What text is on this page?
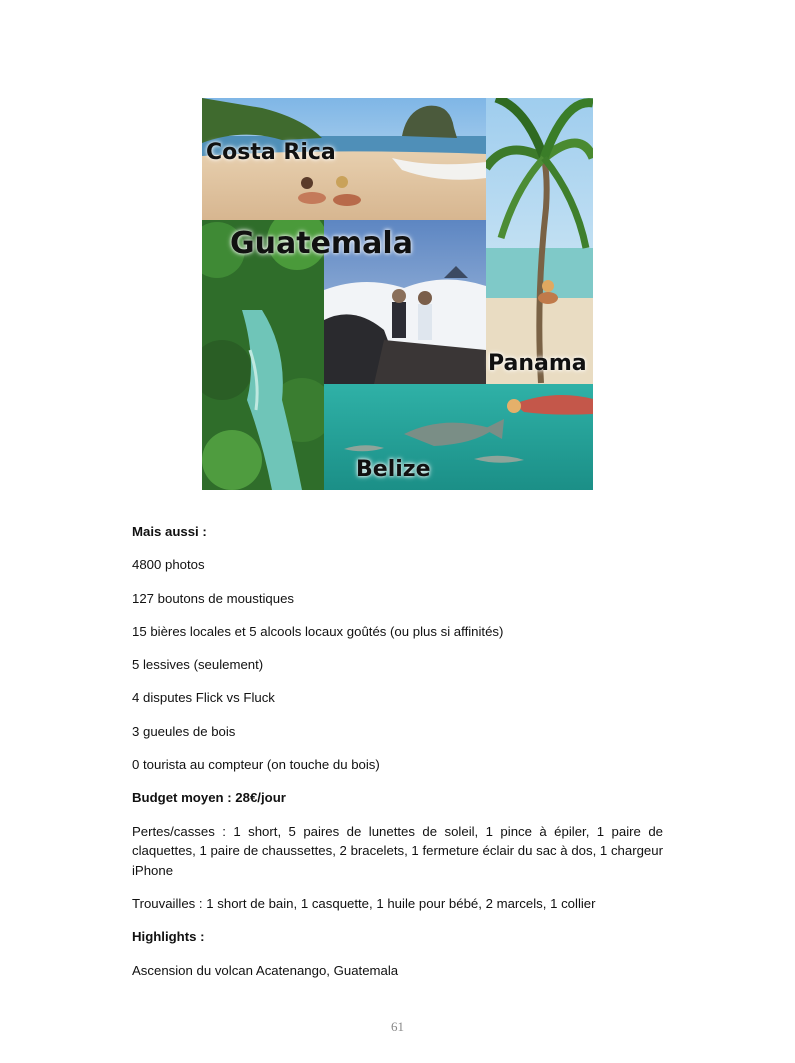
Costa Rica
Guatemala
Panama
Belize

Mais aussi :

4800 photos

127 boutons de moustiques

15 bières locales et 5 alcools locaux goûtés (ou plus si affinités)

5 lessives (seulement)

4 disputes Flick vs Fluck

3 gueules de bois

0 tourista au compteur (on touche du bois)

Budget moyen : 28€/jour

Pertes/casses : 1 short, 5 paires de lunettes de soleil, 1 pince à épiler, 1 paire de claquettes, 1 paire de chaussettes, 2 bracelets, 1 fermeture éclair du sac à dos, 1 chargeur iPhone

Trouvailles : 1 short de bain, 1 casquette, 1 huile pour bébé, 2 marcels, 1 collier

Highlights :

Ascension du volcan Acatenango, Guatemala

61
